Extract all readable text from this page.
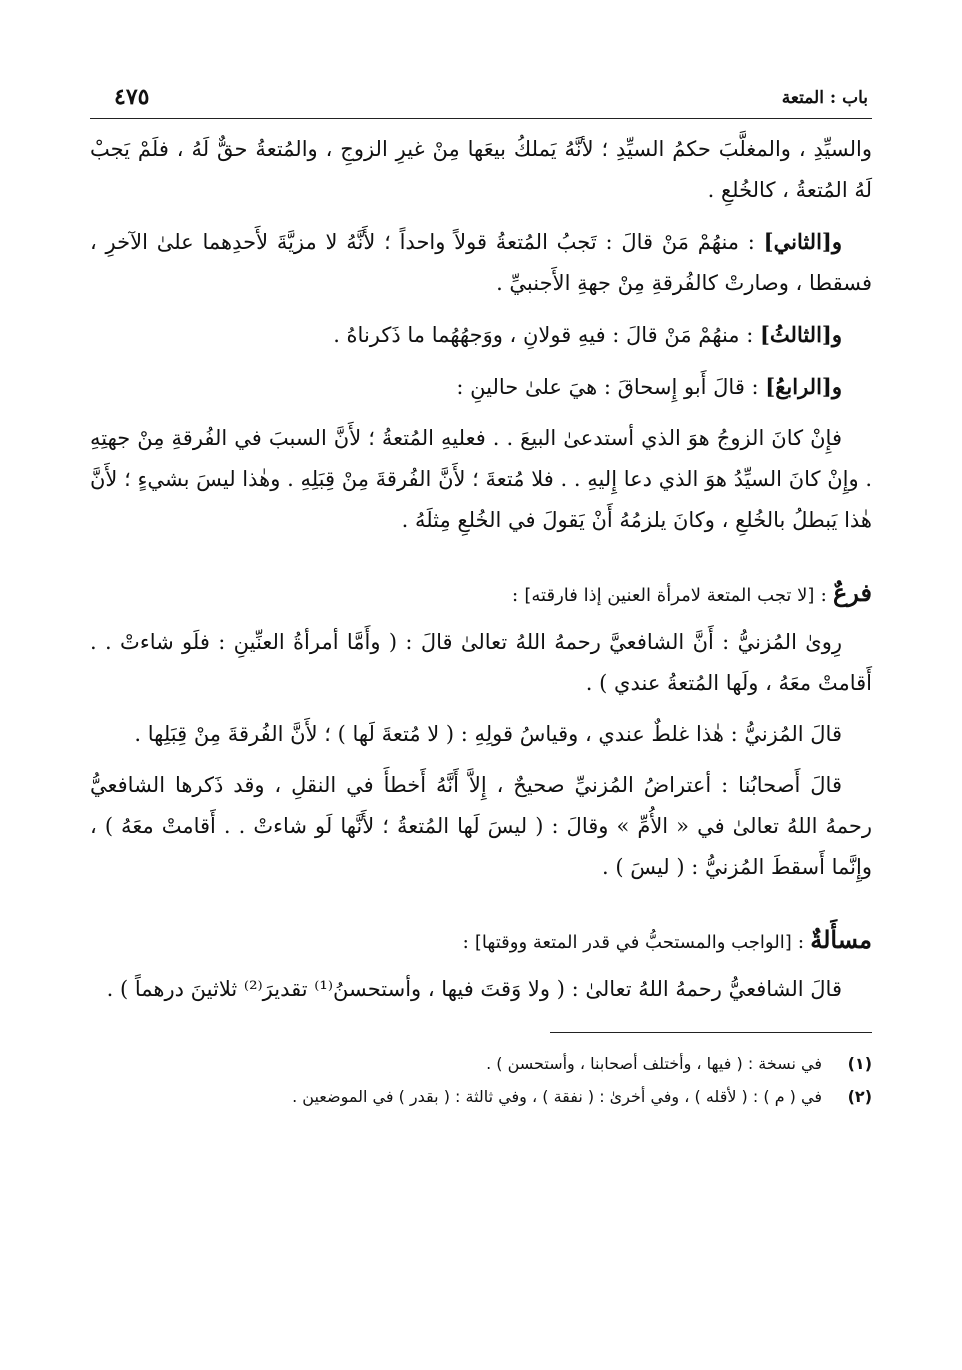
باب : المتعة
٤٧٥

والسيِّدِ ، والمغلَّبَ حكمُ السيِّدِ ؛ لأنَّهُ يَملكُ بيعَها مِنْ غيرِ الزوجِ ، والمُتعةُ حقٌّ لَهُ ، فلَمْ يَجبْ لَهُ المُتعةُ ، كالخُلعِ .

و[الثاني] : منهُمْ مَنْ قالَ : تَجبُ المُتعةُ قولاً واحداً ؛ لأَنَّهُ لا مزيَّةَ لأَحدِهما علىٰ الآخرِ ، فسقطا ، وصارتْ كالفُرقةِ مِنْ جهةِ الأَجنبيِّ .

و[الثالثُ] : منهُمْ مَنْ قالَ : فيهِ قولانِ ، ووَجهُهُما ما ذَكرناهُ .

و[الرابعُ] : قالَ أَبو إِسحاقَ : هيَ علىٰ حالينِ :

فإِنْ كانَ الزوجُ هوَ الذي أستدعىٰ البيعَ . . فعليهِ المُتعةُ ؛ لأَنَّ السببَ في الفُرقةِ مِنْ جهتِهِ . وإِنْ كانَ السيِّدُ هوَ الذي دعا إِليهِ . . فلا مُتعةَ ؛ لأَنَّ الفُرقةَ مِنْ قِبَلِهِ . وهٰذا ليسَ بشيءٍ ؛ لأَنَّ هٰذا يَبطلُ بالخُلعِ ، وكانَ يلزمُهُ أَنْ يَقولَ في الخُلعِ مِثلَهُ .

فرعٌ : [لا تجب المتعة لامرأة العنين إذا فارقته] :

رِوىٰ المُزنيُّ : أَنَّ الشافعيَّ رحمهُ اللهُ تعالىٰ قالَ : ( وأَمَّا أمرأةُ العنِّينِ : فلَو شاءتْ . . أَقامتْ معَهُ ، ولَها المُتعةُ عندي ) .

قالَ المُزنيُّ : هٰذا غلطٌ عندي ، وقياسُ قولِهِ : ( لا مُتعةَ لَها ) ؛ لأَنَّ الفُرقةَ مِنْ قِبَلِها .

قالَ أَصحابُنا : أعتراضُ المُزنيِّ صحيحٌ ، إِلاَّ أَنَّهُ أَخطأَ في النقلِ ، وقد ذَكرها الشافعيُّ رحمهُ اللهُ تعالىٰ في « الأُمِّ » وقالَ : ( ليسَ لَها المُتعةُ ؛ لأَنَّها لَو شاءتْ . . أَقامتْ معَهُ ) ، وإِنَّما أَسقطَ المُزنيُّ : ( ليسَ ) .

مسأَلةٌ : [الواجب والمستحبُّ في قدر المتعة ووقتها] :

قالَ الشافعيُّ رحمهُ اللهُ تعالىٰ : ( ولا وَقتَ فيها ، وأستحسنُ⁽¹⁾ تقديرَ⁽²⁾ ثلاثينَ درهماً ) .

(١)
في نسخة : ( فيها ، وأختلف أصحابنا ، وأستحسن ) .
(٢)
في ( م ) : ( لأقله ) ، وفي أخرىٰ : ( نفقة ) ، وفي ثالثة : ( بقدر ) في الموضعين .
